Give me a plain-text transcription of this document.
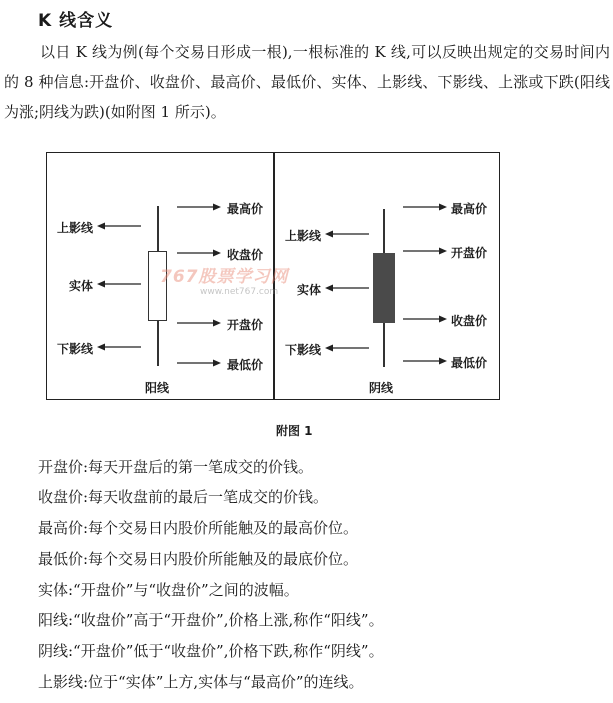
K 线含义

以日 K 线为例(每个交易日形成一根),一根标准的 K 线,可以反映出规定的交易时间内的 8 种信息:开盘价、收盘价、最高价、最低价、实体、上影线、下影线、上涨或下跌(阳线为涨;阴线为跌)(如附图 1 所示)。

上影线
实体
下影线
最高价
收盘价
开盘价
最低价
阳线
上影线
实体
下影线
最高价
开盘价
收盘价
最低价
阴线
767股票学习网
www.net767.com
附图 1
开盘价:每天开盘后的第一笔成交的价钱。
收盘价:每天收盘前的最后一笔成交的价钱。
最高价:每个交易日内股价所能触及的最高价位。
最低价:每个交易日内股价所能触及的最底价位。
实体:“开盘价”与“收盘价”之间的波幅。
阳线:“收盘价”高于“开盘价”,价格上涨,称作“阳线”。
阴线:“开盘价”低于“收盘价”,价格下跌,称作“阴线”。
上影线:位于“实体”上方,实体与“最高价”的连线。
